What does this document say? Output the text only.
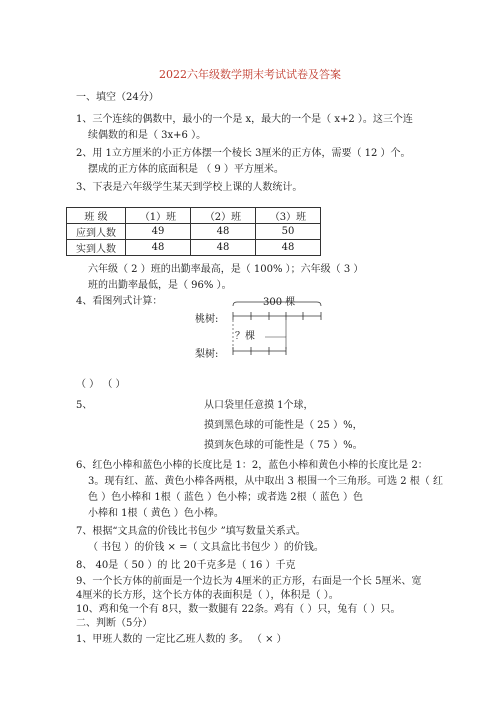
2022六年级数学期末考试试卷及答案
一、填空（24分）
1、三个连续的偶数中，最小的一个是 x，最大的一个是（ x+2 ）。这三个连
续偶数的和是（ 3x+6 ）。
2、用 1立方厘米的小正方体摆一个棱长 3厘米的正方体，需要（ 12 ）个。
摆成的正方体的底面积是 （ 9 ）平方厘米。
3、下表是六年级学生某天到学校上课的人数统计。
六年级（ 2 ）班的出勤率最高，是（ 100% ）；六年级（ 3 ）
班的出勤率最低，是（ 96% ）。
4、看图列式计算：
（ ） （ ）
5、	从口袋里任意摸 1个球，
摸到黑色球的可能性是（ 25 ）%，
摸到灰色球的可能性是（ 75 ）%。
6、红色小棒和蓝色小棒的长度比是 1：2，蓝色小棒和黄色小棒的长度比是 2：
3。现有红、蓝、黄色小棒各两根，从中取出 3 根围一个三角形。可选 2 根（ 红
色 ）色小棒和 1根（ 蓝色 ）色小棒；或者选 2根（ 蓝色 ）色
小棒和 1根（ 黄色 ）色小棒。
7、根据“文具盒的价钱比书包少 ”填写数量关系式。
（ 书包 ）的价钱 × =（ 文具盒比书包少 ）的价钱。
8、 40是（ 50 ）的 比 20千克多是（ 16 ）千克
9、一个长方体的前面是一个边长为 4厘米的正方形，右面是一个长 5厘米、宽
4厘米的长方形，这个长方体的表面积是（ ），体积是（ ）。
10、鸡和兔一个有 8只，数一数腿有 22条。鸡有（ ）只，兔有（ ）只。
二、判断（5分）
1、甲班人数的 一定比乙班人数的 多。 （ × ）
班 级	（1）班	（2）班	（3）班
应到人数	49	48	50
实到人数	48	48	48
300 棵
桃树:
？棵
梨树:
